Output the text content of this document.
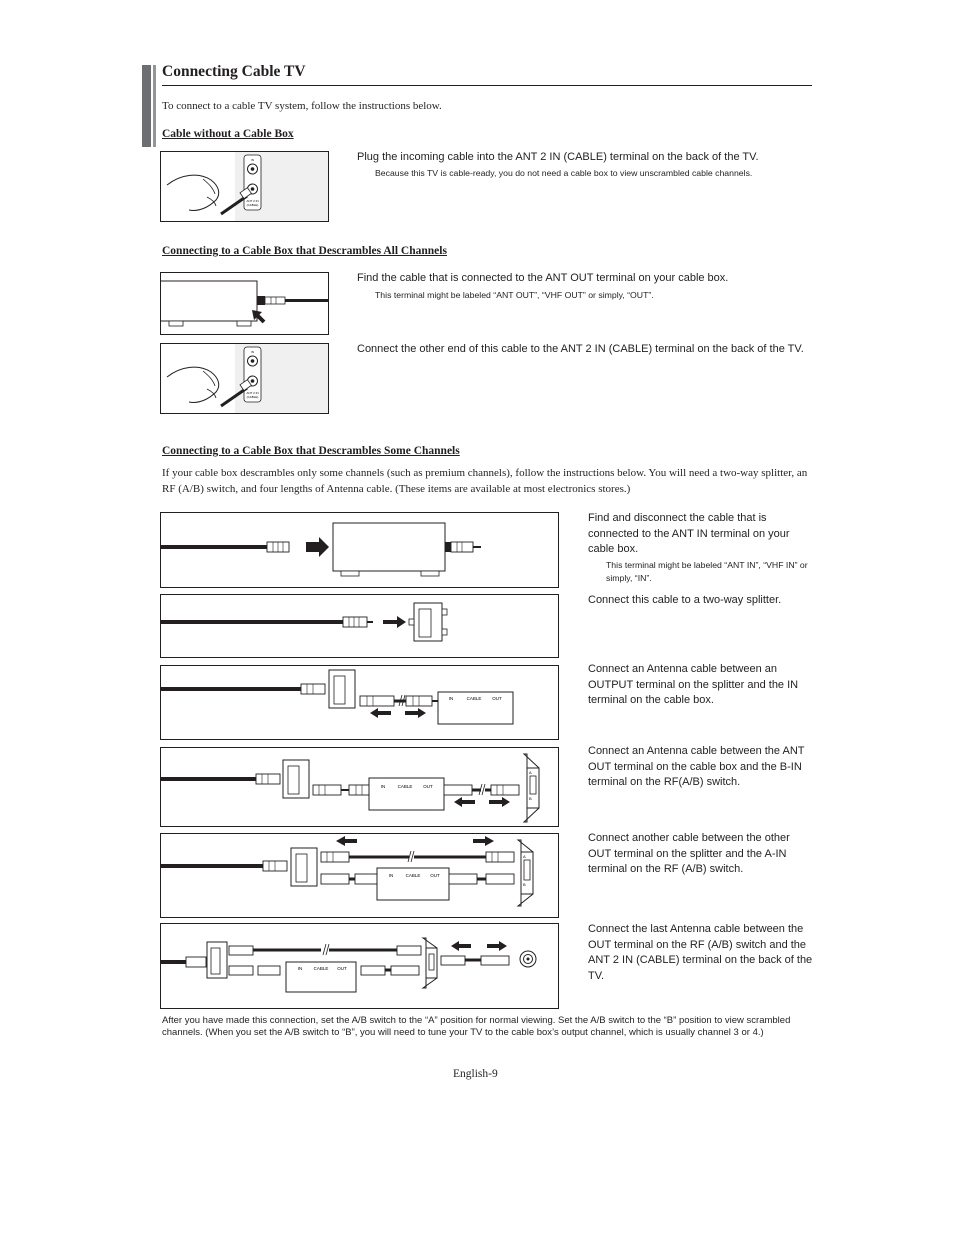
Connecting Cable TV
To connect to a cable TV system, follow the instructions below.
Cable without a Cable Box
IN
ANT 2 IN
(CABLE)
Plug the incoming cable into the ANT 2 IN (CABLE) terminal on the back of the TV.
Because this TV is cable-ready, you do not need a cable box to view unscrambled cable channels.
Connecting to a Cable Box that Descrambles All Channels
Find the cable that is connected to the ANT OUT terminal on your cable box.
This terminal might be labeled “ANT OUT”, “VHF OUT” or simply, “OUT”.
IN
ANT 2 IN
(CABLE)
Connect the other end of this cable to the ANT 2 IN (CABLE) terminal on the back of the TV.
Connecting to a Cable Box that Descrambles Some Channels
If your cable box descrambles only some channels (such as premium channels), follow the instructions below. You will need a two-way splitter, an RF (A/B) switch, and four lengths of Antenna cable. (These items are available at most electronics stores.)
Find and disconnect the cable that is connected to the ANT IN terminal on your cable box.
This terminal might be labeled “ANT IN”, “VHF IN” or simply, “IN”.
Connect this cable to a two-way splitter.
IN	CABLE OUT
Connect an Antenna cable between an OUTPUT terminal on the splitter and the IN terminal on the cable box.
IN	CABLE OUT
A
B
Connect an Antenna cable between the ANT OUT terminal on the cable box and the B-IN terminal on the RF(A/B) switch.
IN	CABLE OUT
A
B
Connect another cable between the other OUT terminal on the splitter and the A-IN terminal on the RF (A/B) switch.
IN	CABLE OUT
Connect the last Antenna cable between the OUT terminal on the RF (A/B) switch and the ANT 2 IN (CABLE) terminal on the back of the TV.
After you have made this connection, set the A/B switch to the “A” position for normal viewing. Set the A/B switch to the “B” position to view scrambled channels. (When you set the A/B switch to “B”, you will need to tune your TV to the cable box’s output channel, which is usually channel 3 or 4.)
English-9
